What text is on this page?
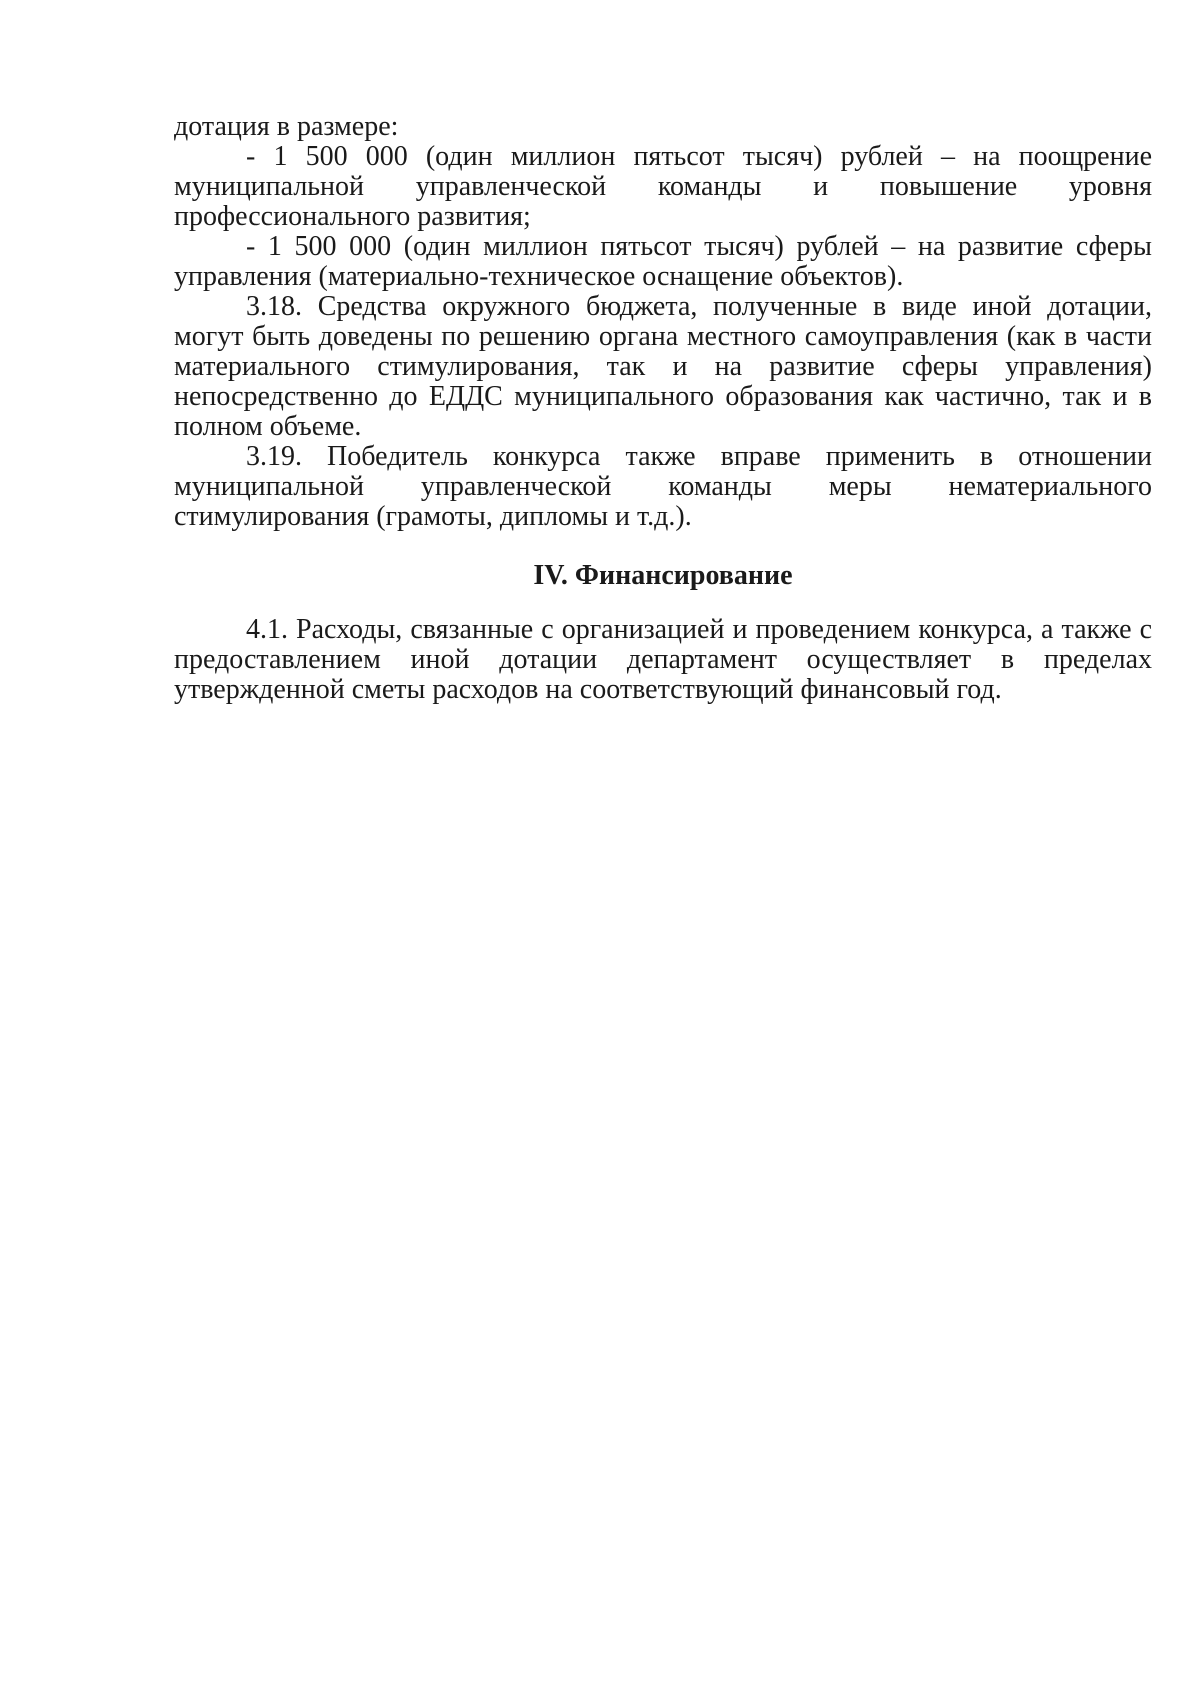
дотация в размере:

- 1 500 000 (один миллион пятьсот тысяч) рублей – на поощрение муниципальной управленческой команды и повышение уровня профессионального развития;

- 1 500 000 (один миллион пятьсот тысяч) рублей – на развитие сферы управления (материально-техническое оснащение объектов).

3.18. Средства окружного бюджета, полученные в виде иной дотации, могут быть доведены по решению органа местного самоуправления (как в части материального стимулирования, так и на развитие сферы управления) непосредственно до ЕДДС муниципального образования как частично, так и в полном объеме.

3.19. Победитель конкурса также вправе применить в отношении муниципальной управленческой команды меры нематериального стимулирования (грамоты, дипломы и т.д.).

IV. Финансирование

4.1. Расходы, связанные с организацией и проведением конкурса, а также с предоставлением иной дотации департамент осуществляет в пределах утвержденной сметы расходов на соответствующий финансовый год.
